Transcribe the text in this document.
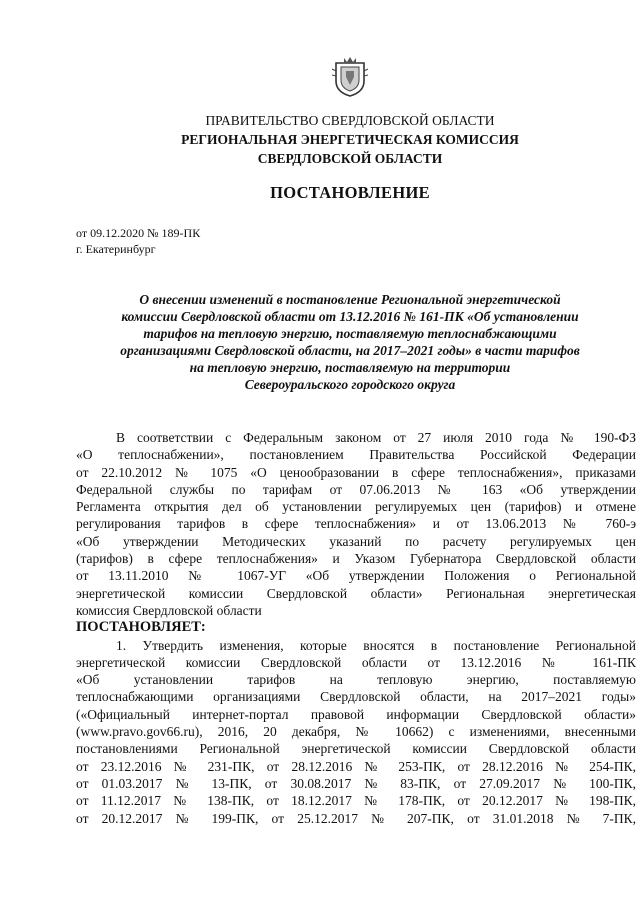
ПРАВИТЕЛЬСТВО СВЕРДЛОВСКОЙ ОБЛАСТИ
РЕГИОНАЛЬНАЯ ЭНЕРГЕТИЧЕСКАЯ КОМИССИЯ
СВЕРДЛОВСКОЙ ОБЛАСТИ
ПОСТАНОВЛЕНИЕ
от 09.12.2020 № 189-ПК
г. Екатеринбург

О внесении изменений в постановление Региональной энергетической

комиссии Свердловской области от 13.12.2016 № 161-ПК «Об установлении

тарифов на тепловую энергию, поставляемую теплоснабжающими

организациями Свердловской области, на 2017–2021 годы» в части тарифов

на тепловую энергию, поставляемую на территории

Североуральского городского округа

В соответствии с Федеральным законом от 27 июля 2010 года № 190-ФЗ
«О теплоснабжении», постановлением Правительства Российской Федерации
от 22.10.2012 № 1075 «О ценообразовании в сфере теплоснабжения», приказами
Федеральной службы по тарифам от 07.06.2013 № 163 «Об утверждении
Регламента открытия дел об установлении регулируемых цен (тарифов) и отмене
регулирования тарифов в сфере теплоснабжения» и от 13.06.2013 № 760-э
«Об утверждении Методических указаний по расчету регулируемых цен
(тарифов) в сфере теплоснабжения» и Указом Губернатора Свердловской области
от 13.11.2010 № 1067-УГ «Об утверждении Положения о Региональной
энергетической комиссии Свердловской области» Региональная энергетическая
комиссия Свердловской области
ПОСТАНОВЛЯЕТ:
1. Утвердить изменения, которые вносятся в постановление Региональной
энергетической комиссии Свердловской области от 13.12.2016 № 161-ПК
«Об установлении тарифов на тепловую энергию, поставляемую
теплоснабжающими организациями Свердловской области, на 2017–2021 годы»
(«Официальный интернет-портал правовой информации Свердловской области»
(www.pravo.gov66.ru), 2016, 20 декабря, № 10662) с изменениями, внесенными
постановлениями Региональной энергетической комиссии Свердловской области
от 23.12.2016 № 231-ПК, от 28.12.2016 № 253-ПК, от 28.12.2016 № 254-ПК,
от 01.03.2017 № 13-ПК, от 30.08.2017 № 83-ПК, от 27.09.2017 № 100-ПК,
от 11.12.2017 № 138-ПК, от 18.12.2017 № 178-ПК, от 20.12.2017 № 198-ПК,
от 20.12.2017 № 199-ПК, от 25.12.2017 № 207-ПК, от 31.01.2018 № 7-ПК,
